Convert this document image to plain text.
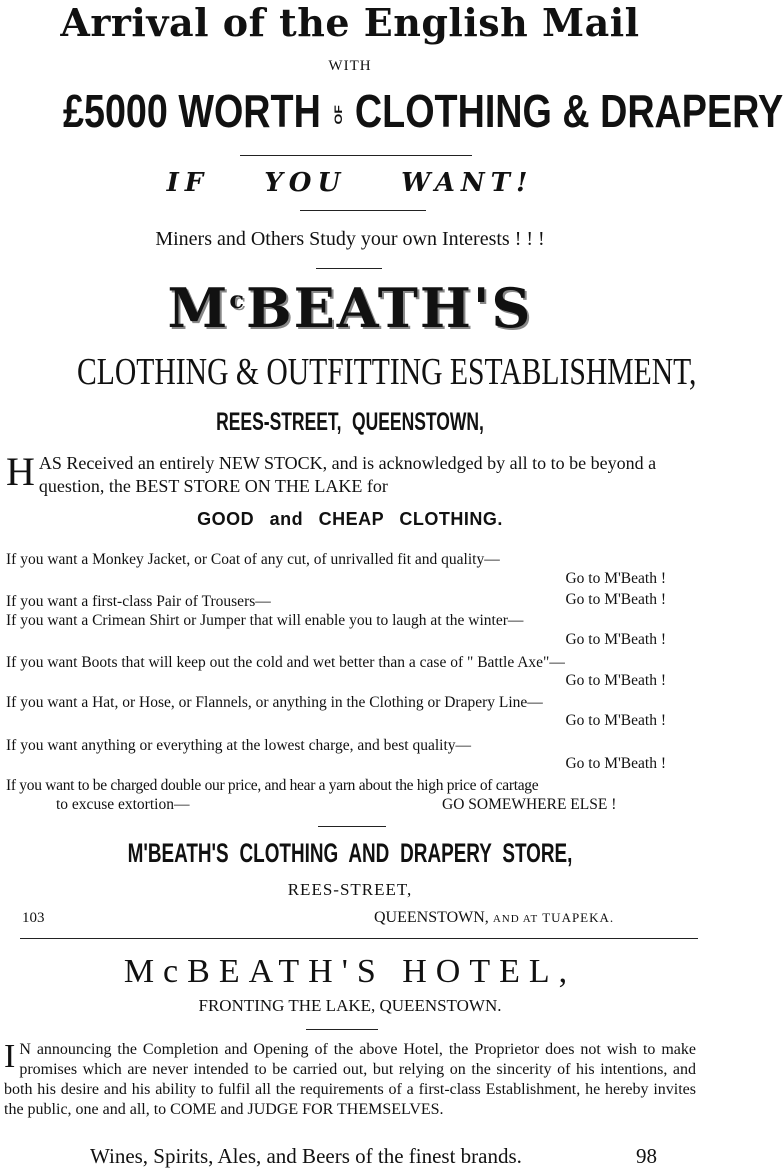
Arrival of the English Mail
WITH
£5000 WORTH OF CLOTHING & DRAPERY
IF YOU WANT!
Miners and Others Study your own Interests ! ! !
$M^cBEATH'S$
CLOTHING & OUTFITTING ESTABLISHMENT,
REES-STREET, QUEENSTOWN,
H AS Received an entirely NEW STOCK, and is acknowledged by all to to be beyond a question, the BEST STORE ON THE LAKE for
GOOD and CHEAP CLOTHING.
If you want a Monkey Jacket, or Coat of any cut, of unrivalled fit and quality—
Go to M'Beath !
If you want a first-class Pair of Trousers—	Go to M'Beath !
If you want a Crimean Shirt or Jumper that will enable you to laugh at the winter—
Go to M'Beath !
If you want Boots that will keep out the cold and wet better than a case of " Battle Axe"—
Go to M'Beath !
If you want a Hat, or Hose, or Flannels, or anything in the Clothing or Drapery Line—
Go to M'Beath !
If you want anything or everything at the lowest charge, and best quality—
Go to M'Beath !
If you want to be charged double our price, and hear a yarn about the high price of cartage
to excuse extortion—	GO SOMEWHERE ELSE !
M'BEATH'S CLOTHING AND DRAPERY STORE,
REES-STREET,
103	QUEENSTOWN, AND AT TUAPEKA.
McBEATH'S HOTEL,
FRONTING THE LAKE, QUEENSTOWN.
I N announcing the Completion and Opening of the above Hotel, the Proprietor does not wish to make promises which are never intended to be carried out, but relying on the sincerity of his intentions, and both his desire and his ability to fulfil all the requirements of a first-class Establishment, he hereby invites the public, one and all, to COME and JUDGE FOR THEMSELVES.
Wines, Spirits, Ales, and Beers of the finest brands.	98
